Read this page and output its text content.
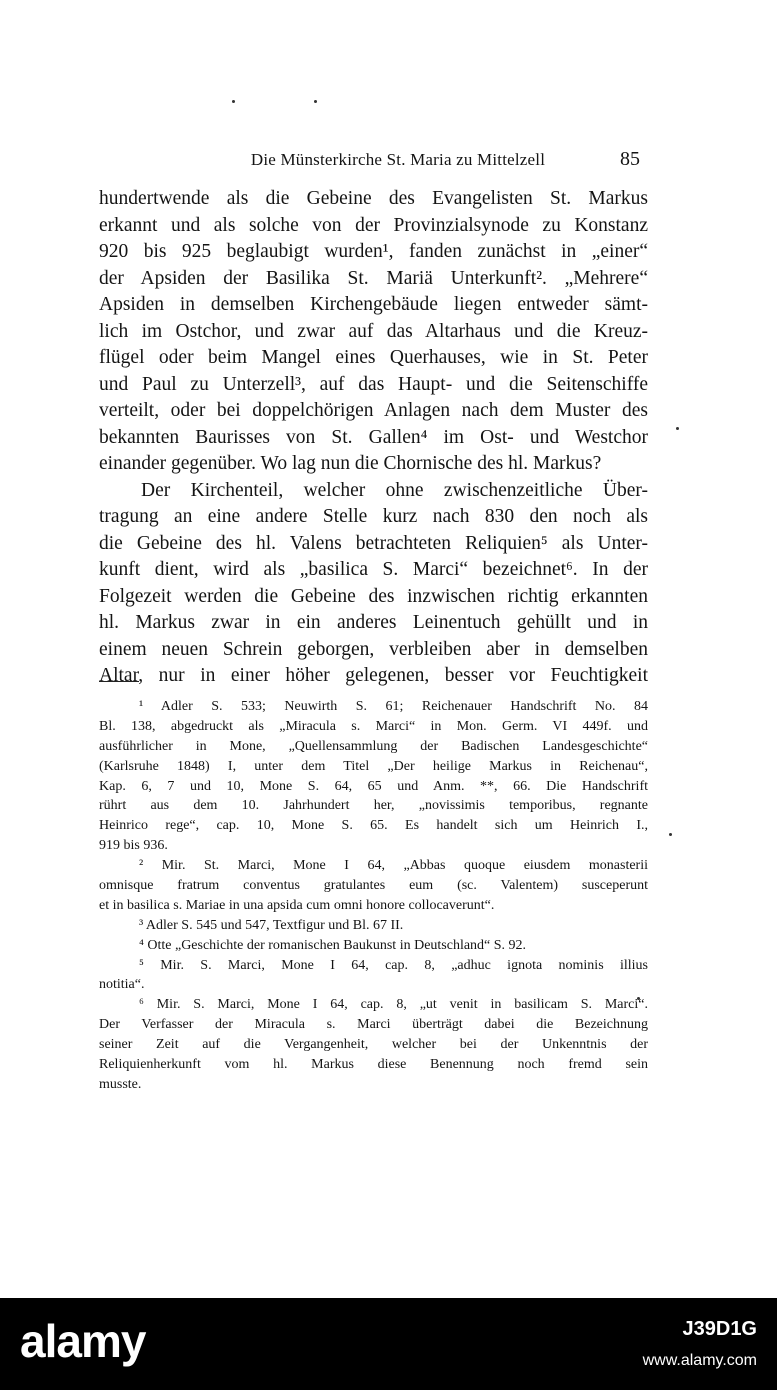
Die Münsterkirche St. Maria zu Mittelzell	85
hundertwende als die Gebeine des Evangelisten St. Markus
erkannt und als solche von der Provinzialsynode zu Konstanz
920 bis 925 beglaubigt wurden¹, fanden zunächst in „einer“
der Apsiden der Basilika St. Mariä Unterkunft². „Mehrere“
Apsiden in demselben Kirchengebäude liegen entweder sämt-
lich im Ostchor, und zwar auf das Altarhaus und die Kreuz-
flügel oder beim Mangel eines Querhauses, wie in St. Peter
und Paul zu Unterzell³, auf das Haupt- und die Seitenschiffe
verteilt, oder bei doppelchörigen Anlagen nach dem Muster des
bekannten Baurisses von St. Gallen⁴ im Ost- und Westchor
einander gegenüber. Wo lag nun die Chornische des hl. Markus?
Der Kirchenteil, welcher ohne zwischenzeitliche Über-
tragung an eine andere Stelle kurz nach 830 den noch als
die Gebeine des hl. Valens betrachteten Reliquien⁵ als Unter-
kunft dient, wird als „basilica S. Marci“ bezeichnet⁶. In der
Folgezeit werden die Gebeine des inzwischen richtig erkannten
hl. Markus zwar in ein anderes Leinentuch gehüllt und in
einem neuen Schrein geborgen, verbleiben aber in demselben
Altar, nur in einer höher gelegenen, besser vor Feuchtigkeit
¹ Adler S. 533; Neuwirth S. 61; Reichenauer Handschrift No. 84
Bl. 138, abgedruckt als „Miracula s. Marci“ in Mon. Germ. VI 449f. und
ausführlicher in Mone, „Quellensammlung der Badischen Landesgeschichte“
(Karlsruhe 1848) I, unter dem Titel „Der heilige Markus in Reichenau“,
Kap. 6, 7 und 10, Mone S. 64, 65 und Anm. **, 66. Die Handschrift
rührt aus dem 10. Jahrhundert her, „novissimis temporibus, regnante
Heinrico rege“, cap. 10, Mone S. 65. Es handelt sich um Heinrich I.,
919 bis 936.
² Mir. St. Marci, Mone I 64, „Abbas quoque eiusdem monasterii
omnisque fratrum conventus gratulantes eum (sc. Valentem) susceperunt
et in basilica s. Mariae in una apsida cum omni honore collocaverunt“.
³ Adler S. 545 und 547, Textfigur und Bl. 67 II.
⁴ Otte „Geschichte der romanischen Baukunst in Deutschland“ S. 92.
⁵ Mir. S. Marci, Mone I 64, cap. 8, „adhuc ignota nominis illius
notitia“.
⁶ Mir. S. Marci, Mone I 64, cap. 8, „ut venit in basilicam S. Marci“.
Der Verfasser der Miracula s. Marci überträgt dabei die Bezeichnung
seiner Zeit auf die Vergangenheit, welcher bei der Unkenntnis der
Reliquienherkunft vom hl. Markus diese Benennung noch fremd sein
musste.
alamy	J39D1G
www.alamy.com
